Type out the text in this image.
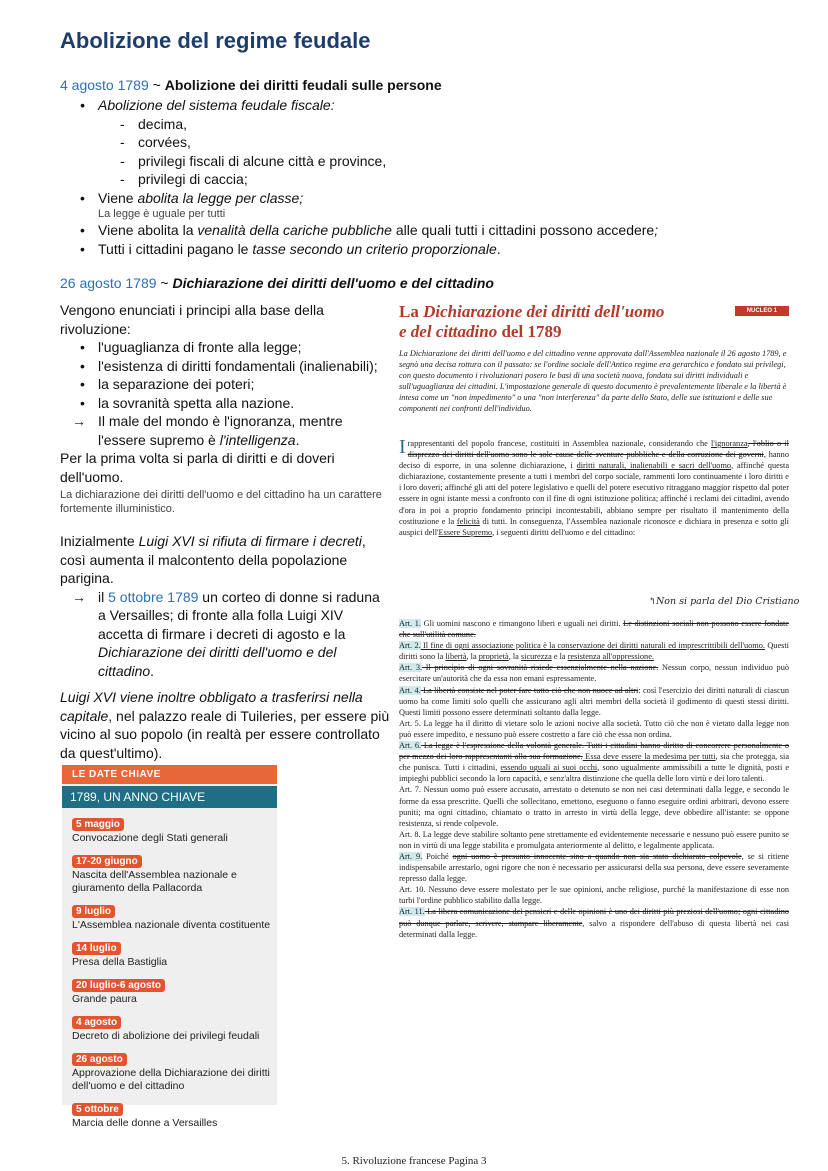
Abolizione del regime feudale
4 agosto 1789 ~ Abolizione dei diritti feudali sulle persone
• Abolizione del sistema feudale fiscale:
- decima,
- corvées,
- privilegi fiscali di alcune città e province,
- privilegi di caccia;
• Viene abolita la legge per classe;
La legge è uguale per tutti
• Viene abolita la venalità della cariche pubbliche alle quali tutti i cittadini possono accedere;
• Tutti i cittadini pagano le tasse secondo un criterio proporzionale.
26 agosto 1789 ~ Dichiarazione dei diritti dell'uomo e del cittadino
Vengono enunciati i principi alla base della rivoluzione:
• l'uguaglianza di fronte alla legge;
• l'esistenza di diritti fondamentali (inalienabili);
• la separazione dei poteri;
• la sovranità spetta alla nazione.
→ Il male del mondo è l'ignoranza, mentre l'essere supremo è l'intelligenza.
Per la prima volta si parla di diritti e di doveri dell'uomo.
La dichiarazione dei diritti dell'uomo e del cittadino ha un carattere fortemente illuministico.
Inizialmente Luigi XVI si rifiuta di firmare i decreti, così aumenta il malcontento della popolazione parigina.
→ il 5 ottobre 1789 un corteo di donne si raduna a Versailles; di fronte alla folla Luigi XIV accetta di firmare i decreti di agosto e la Dichiarazione dei diritti dell'uomo e del cittadino.
Luigi XVI viene inoltre obbligato a trasferirsi nella capitale, nel palazzo reale di Tuileries, per essere più vicino al suo popolo (in realtà per essere controllato da quest'ultimo).
LE DATE CHIAVE
1789, UN ANNO CHIAVE
5 maggio
Convocazione degli Stati generali
17-20 giugno
Nascita dell'Assemblea nazionale e giuramento della Pallacorda
9 luglio
L'Assemblea nazionale diventa costituente
14 luglio
Presa della Bastiglia
20 luglio-6 agosto
Grande paura
4 agosto
Decreto di abolizione dei privilegi feudali
26 agosto
Approvazione della Dichiarazione dei diritti dell'uomo e del cittadino
5 ottobre
Marcia delle donne a Versailles
La Dichiarazione dei diritti dell'uomo
e del cittadino del 1789
NUCLEO 1
La Dichiarazione dei diritti dell'uomo e del cittadino venne approvata dall'Assemblea nazionale il 26 agosto 1789, e segnò una decisa rottura con il passato: se l'ordine sociale dell'Antico regime era gerarchico e fondato sui privilegi, con questo documento i rivoluzionari posero le basi di una società nuova, fondata sui diritti individuali e sull'uguaglianza dei cittadini. L'impostazione generale di questo documento è prevalentemente liberale e la libertà è intesa come un "non impedimento" o una "non interferenza" da parte dello Stato, delle sue istituzioni e delle sue componenti nei confronti dell'individuo.
I rappresentanti del popolo francese, costituiti in Assemblea nazionale, considerando che l'ignoranza, l'oblio o il disprezzo dei diritti dell'uomo sono le sole cause delle sventure pubbliche e della corruzione dei governi, hanno deciso di esporre, in una solenne dichiarazione, i diritti naturali, inalienabili e sacri dell'uomo, affinché questa dichiarazione, costantemente presente a tutti i membri del corpo sociale, rammenti loro continuamente i loro diritti e i loro doveri; affinché gli atti del potere legislativo e quelli del potere esecutivo ritraggano maggior rispetto dal poter essere in ogni istante messi a confronto con il fine di ogni istituzione politica; affinché i reclami dei cittadini, avendo d'ora in poi a proprio fondamento principi incontestabili, abbiano sempre per risultato il mantenimento della costituzione e la felicità di tutti. In conseguenza, l'Assemblea nazionale riconosce e dichiara in presenza e sotto gli auspici dell'Essere Supremo, i seguenti diritti dell'uomo e del cittadino:
Art. 1. Gli uomini nascono e rimangono liberi e uguali nei diritti. Le distinzioni sociali non possono essere fondate che sull'utilità comune.
Art. 2. Il fine di ogni associazione politica è la conservazione dei diritti naturali ed imprescrittibili dell'uomo. Questi diritti sono la libertà, la proprietà, la sicurezza e la resistenza all'oppressione.
Art. 3. Il principio di ogni sovranità risiede essenzialmente nella nazione. Nessun corpo, nessun individuo può esercitare un'autorità che da essa non emani espressamente.
Art. 4. La libertà consiste nel poter fare tutto ciò che non nuoce ad altri: così l'esercizio dei diritti naturali di ciascun uomo ha come limiti solo quelli che assicurano agli altri membri della società il godimento di questi stessi diritti. Questi limiti possono essere determinati soltanto dalla legge.
Art. 5. La legge ha il diritto di vietare solo le azioni nocive alla società. Tutto ciò che non è vietato dalla legge non può essere impedito, e nessuno può essere costretto a fare ciò che essa non ordina.
Art. 6. La legge è l'espressione della volontà generale. Tutti i cittadini hanno diritto di concorrere personalmente o per mezzo dei loro rappresentanti alla sua formazione. Essa deve essere la medesima per tutti, sia che protegga, sia che punisca. Tutti i cittadini, essendo uguali ai suoi occhi, sono ugualmente ammissibili a tutte le dignità, posti e impieghi pubblici secondo la loro capacità, e senz'altra distinzione che quella delle loro virtù e dei loro talenti.
Art. 7. Nessun uomo può essere accusato, arrestato o detenuto se non nei casi determinati dalla legge, e secondo le forme da essa prescritte. Quelli che sollecitano, emettono, eseguono o fanno eseguire ordini arbitrari, devono essere puniti; ma ogni cittadino, chiamato o tratto in arresto in virtù della legge, deve obbedire all'istante: se oppone resistenza, si rende colpevole.
Art. 8. La legge deve stabilire soltanto pene strettamente ed evidentemente necessarie e nessuno può essere punito se non in virtù di una legge stabilita e promulgata anteriormente al delitto, e legalmente applicata.
Art. 9. Poiché ogni uomo è presunto innocente sino a quando non sia stato dichiarato colpevole, se si ritiene indispensabile arrestarlo, ogni rigore che non è necessario per assicurarsi della sua persona, deve essere severamente represso dalla legge.
Art. 10. Nessuno deve essere molestato per le sue opinioni, anche religiose, purché la manifestazione di esse non turbi l'ordine pubblico stabilito dalla legge.
Art. 11. La libera comunicazione dei pensieri e delle opinioni è uno dei diritti più preziosi dell'uomo; ogni cittadino può dunque parlare, scrivere, stampare liberamente, salvo a rispondere dell'abuso di questa libertà nei casi determinati dalla legge.
↰Non si parla del Dio Cristiano
5. Rivoluzione francese Pagina 3
